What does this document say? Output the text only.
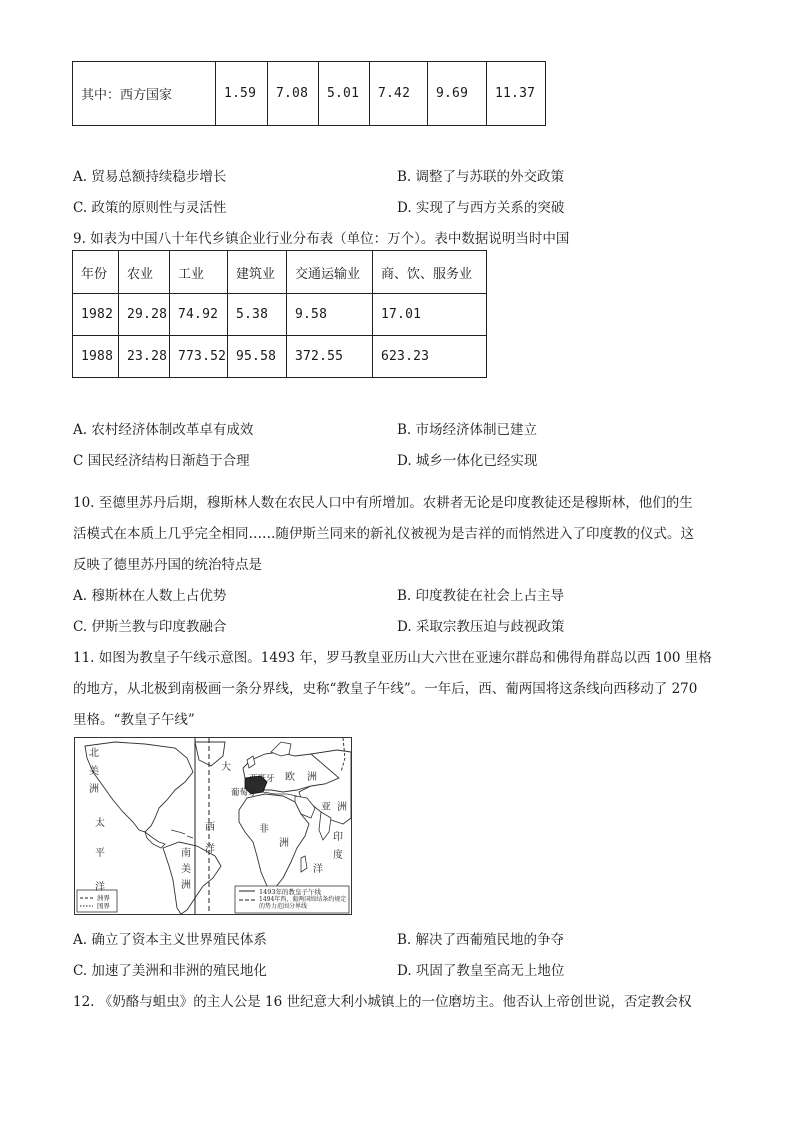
其中：西方国家	1.59	7.08	5.01	7.42	9.69	11.37
A. 贸易总额持续稳步增长	B. 调整了与苏联的外交政策
C. 政策的原则性与灵活性	D. 实现了与西方关系的突破
9. 如表为中国八十年代乡镇企业行业分布表（单位：万个）。表中数据说明当时中国
年份	农业	工业	建筑业	交通运输业	商、饮、服务业
1982	29.28	74.92	5.38	9.58	17.01
1988	23.28	773.52	95.58	372.55	623.23
A. 农村经济体制改革卓有成效	B. 市场经济体制已建立
C 国民经济结构日渐趋于合理	D. 城乡一体化已经实现
10. 至德里苏丹后期，穆斯林人数在农民人口中有所增加。农耕者无论是印度教徒还是穆斯林，他们的生
活模式在本质上几乎完全相同……随伊斯兰同来的新礼仪被视为是吉祥的而悄然进入了印度教的仪式。这
反映了德里苏丹国的统治特点是
A. 穆斯林在人数上占优势	B. 印度教徒在社会上占主导
C. 伊斯兰教与印度教融合	D. 采取宗教压迫与歧视政策
11. 如图为教皇子午线示意图。1493 年，罗马教皇亚历山大六世在亚速尔群岛和佛得角群岛以西 100 里格
的地方，从北极到南极画一条分界线，史称“教皇子午线”。一年后，西、葡两国将这条线向西移动了 270
里格。“教皇子午线”
北
美
洲
太
平
洋
南
美
洲
大
西
洋
西班牙
葡萄牙
欧 洲
亚 洲
非
洲
印
度
洋
洲界
国界
1493年的教皇子午线
1494年西、葡两国缔结条约规定的势力范围分界线
A. 确立了资本主义世界殖民体系	B. 解决了西葡殖民地的争夺
C. 加速了美洲和非洲的殖民地化	D. 巩固了教皇至高无上地位
12. 《奶酪与蛆虫》的主人公是 16 世纪意大利小城镇上的一位磨坊主。他否认上帝创世说，否定教会权
